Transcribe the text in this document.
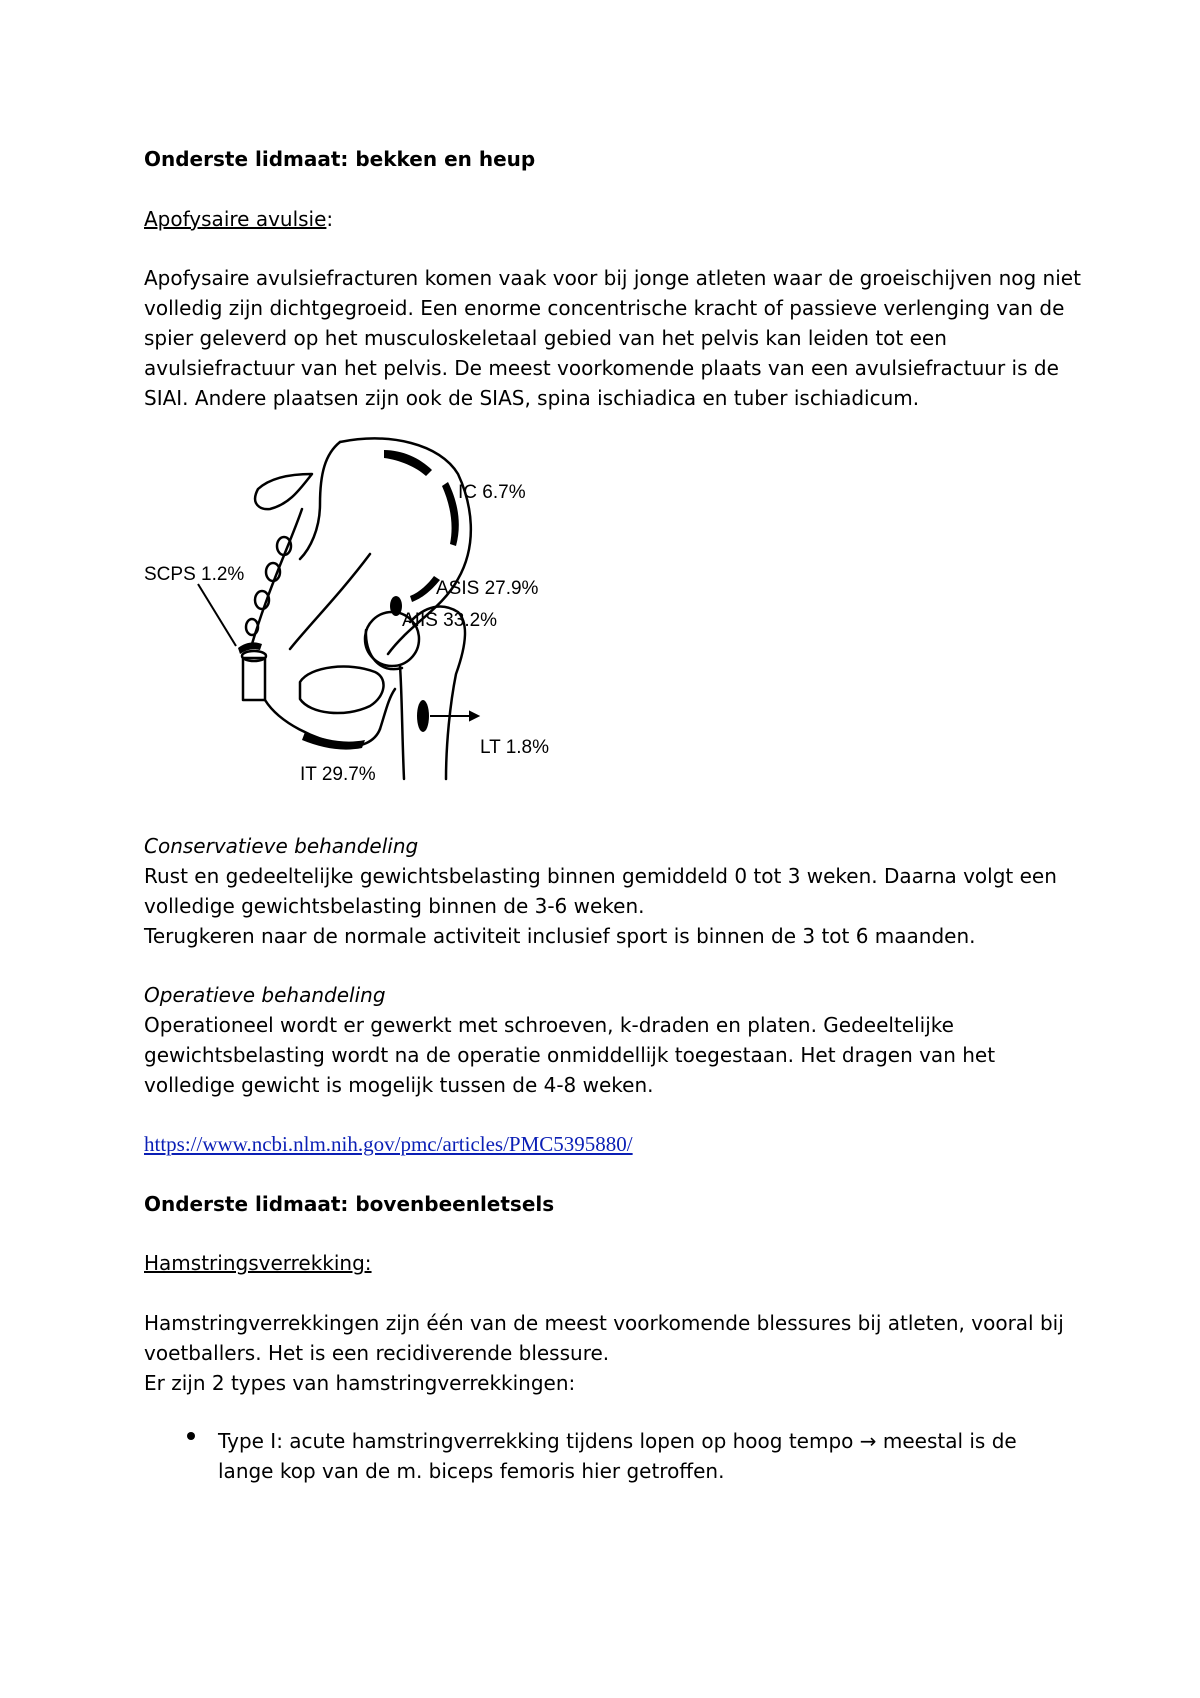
Onderste lidmaat: bekken en heup
Apofysaire avulsie:
Apofysaire avulsiefracturen komen vaak voor bij jonge atleten waar de groeischijven nog niet
volledig zijn dichtgegroeid. Een enorme concentrische kracht of passieve verlenging van de
spier geleverd op het musculoskeletaal gebied van het pelvis kan leiden tot een
avulsiefractuur van het pelvis. De meest voorkomende plaats van een avulsiefractuur is de
SIAI. Andere plaatsen zijn ook de SIAS, spina ischiadica en tuber ischiadicum.
IC 6.7%
ASIS 27.9%
AIIS 33.2%
SCPS 1.2%
LT 1.8%
IT 29.7%
Conservatieve behandeling
Rust en gedeeltelijke gewichtsbelasting binnen gemiddeld 0 tot 3 weken. Daarna volgt een
volledige gewichtsbelasting binnen de 3-6 weken.
Terugkeren naar de normale activiteit inclusief sport is binnen de 3 tot 6 maanden.
Operatieve behandeling
Operationeel wordt er gewerkt met schroeven, k-draden en platen. Gedeeltelijke
gewichtsbelasting wordt na de operatie onmiddellijk toegestaan. Het dragen van het
volledige gewicht is mogelijk tussen de 4-8 weken.
https://www.ncbi.nlm.nih.gov/pmc/articles/PMC5395880/
Onderste lidmaat: bovenbeenletsels
Hamstringsverrekking:
Hamstringverrekkingen zijn één van de meest voorkomende blessures bij atleten, vooral bij
voetballers. Het is een recidiverende blessure.
Er zijn 2 types van hamstringverrekkingen:
Type I: acute hamstringverrekking tijdens lopen op hoog tempo → meestal is de
lange kop van de m. biceps femoris hier getroffen.
